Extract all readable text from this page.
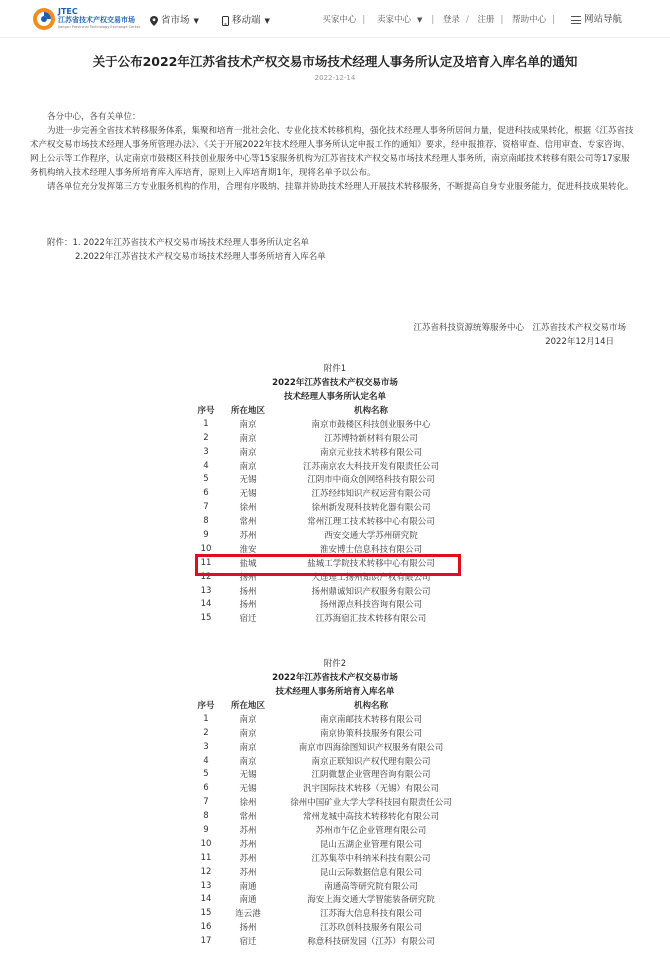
JTEC
江苏省技术产权交易市场
Jiangsu Provincial Technology Exchange Center
省市场 ▼	移动端 ▼	买家中心 | 卖家中心 ▼ | 登录 / 注册 | 帮助中心 |	网站导航
关于公布2022年江苏省技术产权交易市场技术经理人事务所认定及培育入库名单的通知
2022-12-14

各分中心，各有关单位：

为进一步完善全省技术转移服务体系，集聚和培育一批社会化、专业化技术转移机构，强化技术经理人事务所居间力量，促进科技成果转化，根据《江苏省技术产权交易市场技术经理人事务所管理办法》、《关于开展2022年技术经理人事务所认定申报工作的通知》要求，经申报推荐、资格审查、信用审查、专家咨询、网上公示等工作程序，认定南京市鼓楼区科技创业服务中心等15家服务机构为江苏省技术产权交易市场技术经理人事务所，南京南邮技术转移有限公司等17家服务机构纳入技术经理人事务所培育库入库培育，原则上入库培育期1年，现将名单予以公布。

请各单位充分发挥第三方专业服务机构的作用，合理有序吸纳、挂靠并协助技术经理人开展技术转移服务，不断提高自身专业服务能力，促进科技成果转化。

附件：1. 2022年江苏省技术产权交易市场技术经理人事务所认定名单
2.2022年江苏省技术产权交易市场技术经理人事务所培育入库名单
江苏省科技资源统筹服务中心　江苏省技术产权交易市场
2022年12月14日
附件1
2022年江苏省技术产权交易市场
技术经理人事务所认定名单
序号	所在地区	机构名称
1	南京	南京市鼓楼区科技创业服务中心
2	南京	江苏博特新材料有限公司
3	南京	南京元业技术转移有限公司
4	南京	江苏南京农大科技开发有限责任公司
5	无锡	江阴市中商众创网络科技有限公司
6	无锡	江苏经纬知识产权运营有限公司
7	徐州	徐州新发现科技转化器有限公司
8	常州	常州江理工技术转移中心有限公司
9	苏州	西安交通大学苏州研究院
10	淮安	淮安博士信息科技有限公司
11	盐城	盐城工学院技术转移中心有限公司
12	扬州	大连理工扬州知识产权有限公司
13	扬州	扬州鼎诚知识产权服务有限公司
14	扬州	扬州源点科技咨询有限公司
15	宿迁	江苏海宿汇技术转移有限公司
附件2
2022年江苏省技术产权交易市场
技术经理人事务所培育入库名单
序号	所在地区	机构名称
1	南京	南京南邮技术转移有限公司
2	南京	南京协策科技服务有限公司
3	南京	南京市四海徐图知识产权服务有限公司
4	南京	南京正联知识产权代理有限公司
5	无锡	江阴微慧企业管理咨询有限公司
6	无锡	汎宇国际技术转移（无锡）有限公司
7	徐州	徐州中国矿业大学大学科技园有限责任公司
8	常州	常州龙城中高技术转移转化有限公司
9	苏州	苏州市午亿企业管理有限公司
10	苏州	昆山五湖企业管理有限公司
11	苏州	江苏集萃中科纳米科技有限公司
12	苏州	昆山云际数据信息有限公司
13	南通	南通高等研究院有限公司
14	南通	海安上海交通大学智能装备研究院
15	连云港	江苏海大信息科技有限公司
16	扬州	江苏玖创科技服务有限公司
17	宿迁	称意科技研发园（江苏）有限公司
